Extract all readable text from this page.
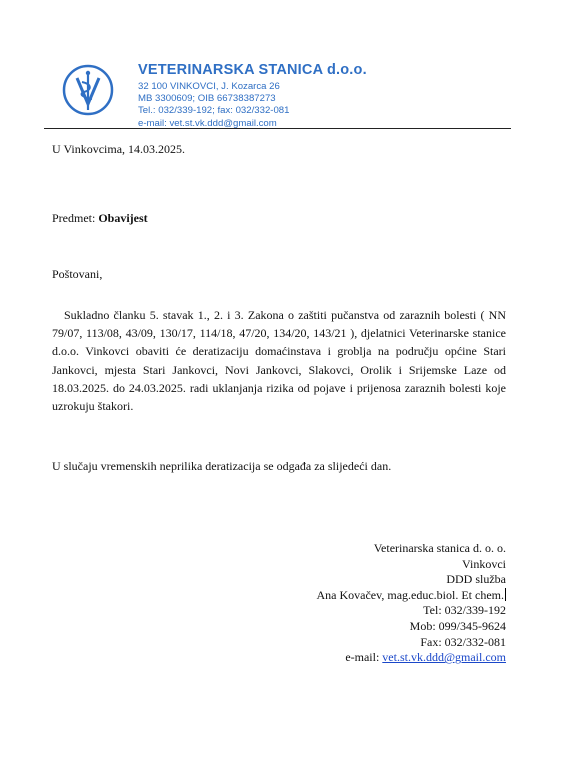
VETERINARSKA STANICA d.o.o.
32 100 VINKOVCI, J. Kozarca 26
MB 3300609; OIB 66738387273
Tel.: 032/339-192; fax: 032/332-081
e-mail: vet.st.vk.ddd@gmail.com
U Vinkovcima, 14.03.2025.
Predmet: Obavijest
Poštovani,

Sukladno članku 5. stavak 1., 2. i 3. Zakona o zaštiti pučanstva od zaraznih bolesti ( NN 79/07, 113/08, 43/09, 130/17, 114/18, 47/20, 134/20, 143/21 ), djelatnici Veterinarske stanice d.o.o. Vinkovci obaviti će deratizaciju domaćinstava i groblja na području općine Stari Jankovci, mjesta Stari Jankovci, Novi Jankovci, Slakovci, Orolik i Srijemske Laze od 18.03.2025. do 24.03.2025. radi uklanjanja rizika od pojave i prijenosa zaraznih bolesti koje uzrokuju štakori.

U slučaju vremenskih neprilika deratizacija se odgađa za slijedeći dan.
Veterinarska stanica d. o. o.
Vinkovci
DDD služba
Ana Kovačev, mag.educ.biol. Et chem.
Tel: 032/339-192
Mob: 099/345-9624
Fax: 032/332-081
e-mail: vet.st.vk.ddd@gmail.com
